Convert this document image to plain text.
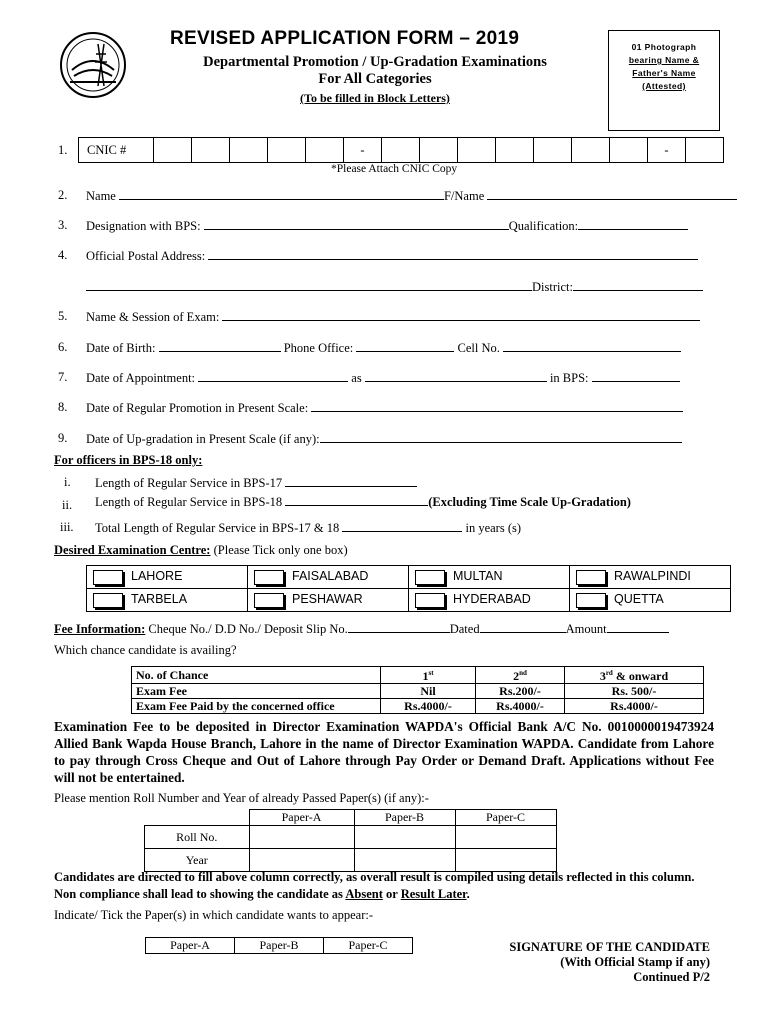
REVISED APPLICATION FORM – 2019
Departmental Promotion / Up-Gradation Examinations
For All Categories
(To be filled in Block Letters)
01 Photograph
bearing Name &
Father's Name
(Attested)
1. CNIC #						-								-	
*Please Attach CNIC Copy
2. Name	F/Name
3. Designation with BPS:	Qualification:
4. Official Postal Address:
District:
5. Name & Session of Exam:
6. Date of Birth:	Phone Office:	Cell No.
7. Date of Appointment:	as	in BPS:
8. Date of Regular Promotion in Present Scale:
9. Date of Up-gradation in Present Scale (if any):
For officers in BPS-18 only:
i. Length of Regular Service in BPS-17
ii. Length of Regular Service in BPS-18	(Excluding Time Scale Up-Gradation)
iii. Total Length of Regular Service in BPS-17 & 18	in years (s)
Desired Examination Centre: (Please Tick only one box)
LAHORE	FAISALABAD	MULTAN	RAWALPINDI
TARBELA	PESHAWAR	HYDERABAD	QUETTA
Fee Information: Cheque No./ D.D No./ Deposit Slip No.	Dated	Amount
Which chance candidate is availing?
No. of Chance	1st	2nd	3rd & onward
Exam Fee	Nil	Rs.200/-	Rs. 500/-
Exam Fee Paid by the concerned office	Rs.4000/-	Rs.4000/-	Rs.4000/-
Examination Fee to be deposited in Director Examination WAPDA's Official Bank A/C No. 0010000019473924 Allied Bank Wapda House Branch, Lahore in the name of Director Examination WAPDA. Candidate from Lahore to pay through Cross Cheque and Out of Lahore through Pay Order or Demand Draft. Applications without Fee will not be entertained.
Please mention Roll Number and Year of already Passed Paper(s) (if any):-
	Paper-A	Paper-B	Paper-C
Roll No.			
Year			
Candidates are directed to fill above column correctly, as overall result is compiled using details reflected in this column. Non compliance shall lead to showing the candidate as Absent or Result Later.
Indicate/ Tick the Paper(s) in which candidate wants to appear:-
Paper-A	Paper-B	Paper-C	SIGNATURE OF THE CANDIDATE
(With Official Stamp if any)
Continued P/2
